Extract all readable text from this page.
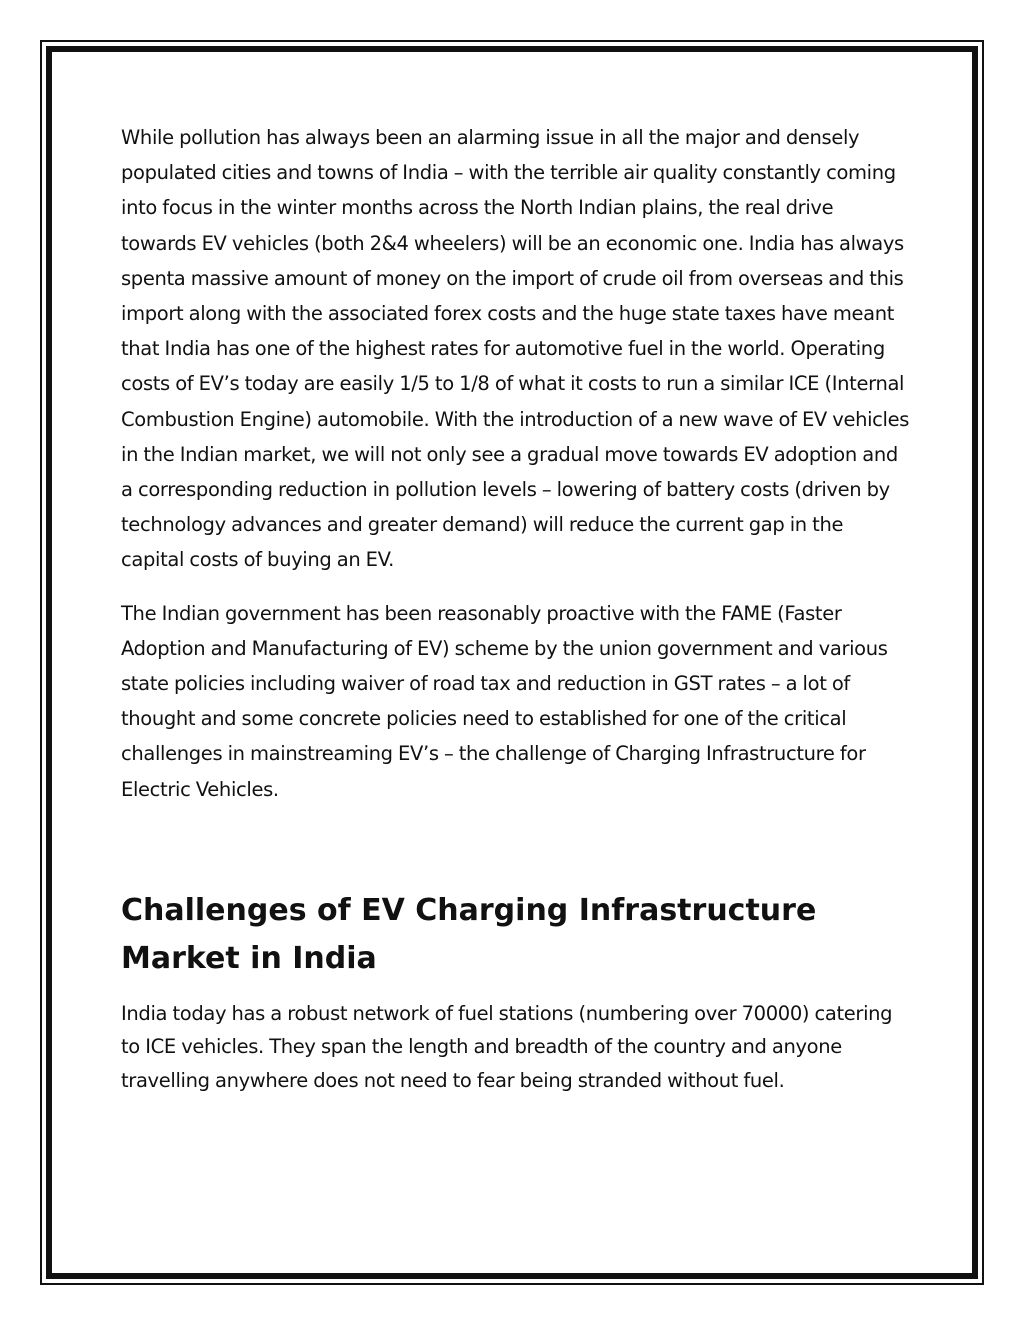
While pollution has always been an alarming issue in all the major and densely populated cities and towns of India – with the terrible air quality constantly coming into focus in the winter months across the North Indian plains, the real drive towards EV vehicles (both 2&4 wheelers) will be an economic one. India has always spenta massive amount of money on the import of crude oil from overseas and this import along with the associated forex costs and the huge state taxes have meant that India has one of the highest rates for automotive fuel in the world. Operating costs of EV’s today are easily 1/5 to 1/8 of what it costs to run a similar ICE (Internal Combustion Engine) automobile. With the introduction of a new wave of EV vehicles in the Indian market, we will not only see a gradual move towards EV adoption and a corresponding reduction in pollution levels – lowering of battery costs (driven by technology advances and greater demand) will reduce the current gap in the capital costs of buying an EV.

The Indian government has been reasonably proactive with the FAME (Faster Adoption and Manufacturing of EV) scheme by the union government and various state policies including waiver of road tax and reduction in GST rates – a lot of thought and some concrete policies need to established for one of the critical challenges in mainstreaming EV’s – the challenge of Charging Infrastructure for Electric Vehicles.

Challenges of EV Charging Infrastructure Market in India

India today has a robust network of fuel stations (numbering over 70000) catering to ICE vehicles. They span the length and breadth of the country and anyone travelling anywhere does not need to fear being stranded without fuel.
